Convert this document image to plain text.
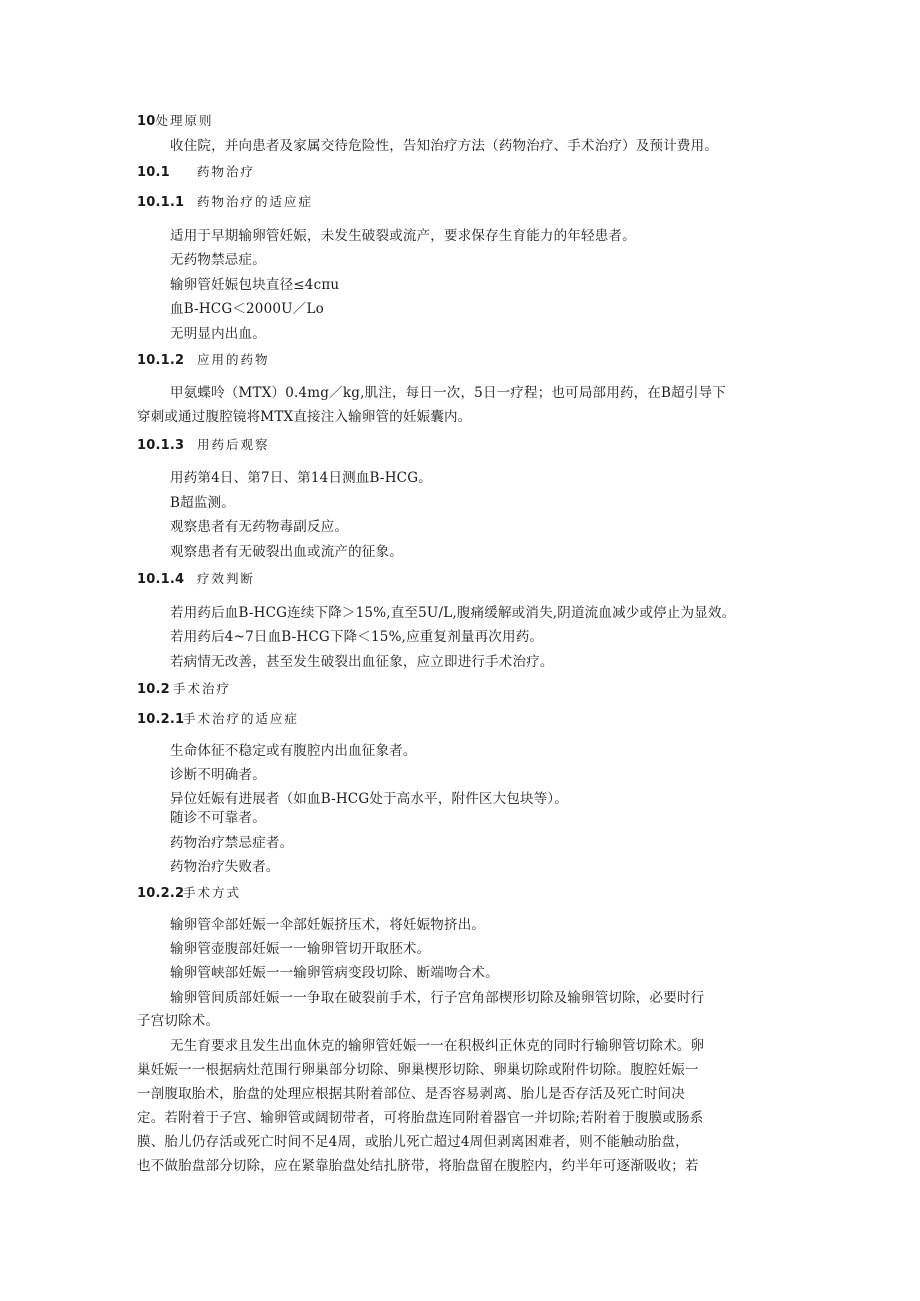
10处理原则
收住院，并向患者及家属交待危险性，告知治疗方法（药物治疗、手术治疗）及预计费用。
10.1 药物治疗
10.1.1 药物治疗的适应症
适用于早期输卵管妊娠，未发生破裂或流产，要求保存生育能力的年轻患者。
无药物禁忌症。
输卵管妊娠包块直径≤4cπu
血B-HCG＜2000U／Lo
无明显内出血。
10.1.2 应用的药物
甲氨蝶呤（MTX）0.4mg／kg,肌注，每日一次，5日一疗程；也可局部用药，在B超引导下
穿刺或通过腹腔镜将MTX直接注入输卵管的妊娠囊内。
10.1.3 用药后观察
用药第4日、第7日、第14日测血B-HCG。
B超监测。
观察患者有无药物毒副反应。
观察患者有无破裂出血或流产的征象。
10.1.4 疗效判断
若用药后血B-HCG连续下降＞15%,直至5U/L,腹痛缓解或消失,阴道流血减少或停止为显效。
若用药后4~7日血B-HCG下降＜15%,应重复剂量再次用药。
若病情无改善，甚至发生破裂出血征象，应立即进行手术治疗。
10.2 手术治疗
10.2.1手术治疗的适应症
生命体征不稳定或有腹腔内出血征象者。
诊断不明确者。
异位妊娠有进展者（如血B-HCG处于高水平，附件区大包块等）。
随诊不可靠者。
药物治疗禁忌症者。
药物治疗失败者。
10.2.2手术方式
输卵管伞部妊娠一伞部妊娠挤压术，将妊娠物挤出。
输卵管壶腹部妊娠一一输卵管切开取胚术。
输卵管峡部妊娠一一输卵管病变段切除、断端吻合术。
输卵管间质部妊娠一一争取在破裂前手术，行子宫角部楔形切除及输卵管切除，必要时行
子宫切除术。
无生育要求且发生出血休克的输卵管妊娠一一在积极纠正休克的同时行输卵管切除术。卵
巢妊娠一一根据病灶范围行卵巢部分切除、卵巢楔形切除、卵巢切除或附件切除。腹腔妊娠一
一剖腹取胎术，胎盘的处理应根据其附着部位、是否容易剥离、胎儿是否存活及死亡时间决
定。若附着于子宫、输卵管或阔韧带者，可将胎盘连同附着器官一并切除;若附着于腹膜或肠系
膜、胎儿仍存活或死亡时间不足4周，或胎儿死亡超过4周但剥离困难者，则不能触动胎盘，
也不做胎盘部分切除，应在紧靠胎盘处结扎脐带，将胎盘留在腹腔内，约半年可逐渐吸收；若
